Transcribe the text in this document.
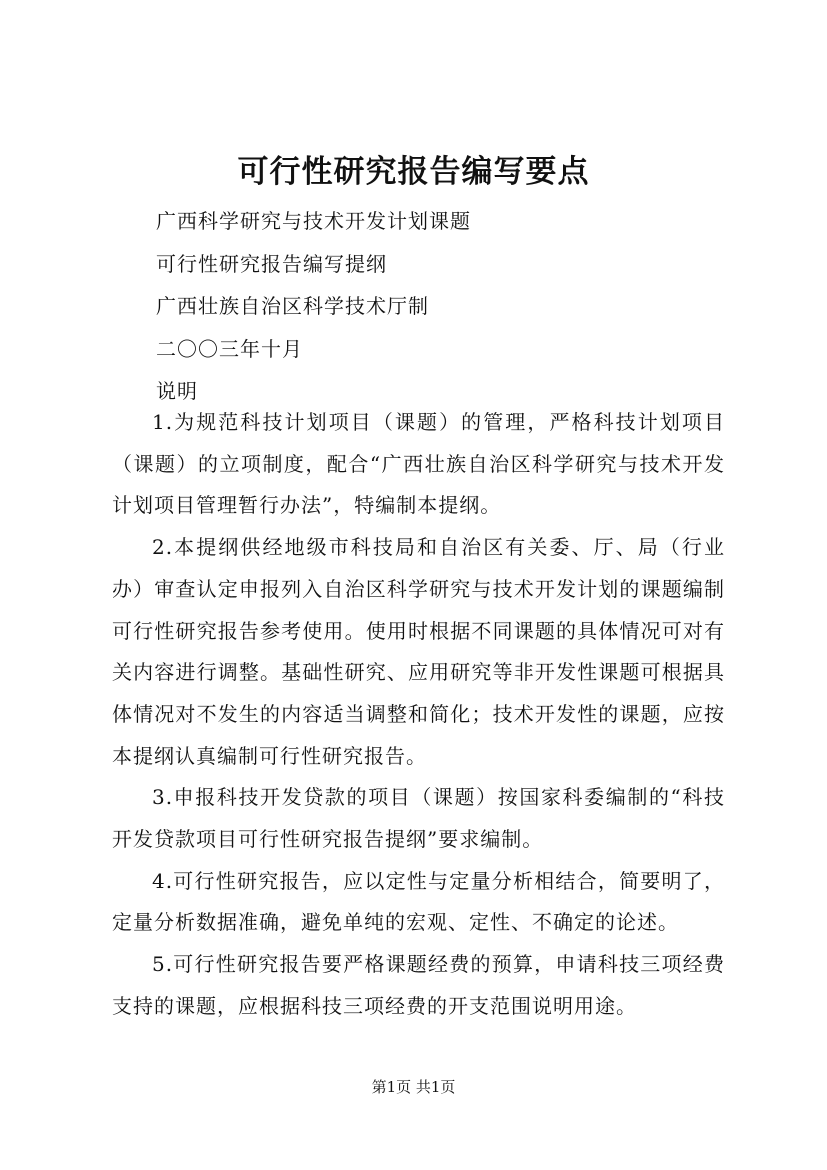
可行性研究报告编写要点
广西科学研究与技术开发计划课题
可行性研究报告编写提纲
广西壮族自治区科学技术厅制
二〇〇三年十月
说明

1.为规范科技计划项目（课题）的管理，严格科技计划项目（课题）的立项制度，配合“广西壮族自治区科学研究与技术开发计划项目管理暂行办法”，特编制本提纲。

2.本提纲供经地级市科技局和自治区有关委、厅、局（行业办）审查认定申报列入自治区科学研究与技术开发计划的课题编制可行性研究报告参考使用。使用时根据不同课题的具体情况可对有关内容进行调整。基础性研究、应用研究等非开发性课题可根据具体情况对不发生的内容适当调整和简化；技术开发性的课题，应按本提纲认真编制可行性研究报告。

3.申报科技开发贷款的项目（课题）按国家科委编制的“科技开发贷款项目可行性研究报告提纲”要求编制。

4.可行性研究报告，应以定性与定量分析相结合，简要明了，定量分析数据准确，避免单纯的宏观、定性、不确定的论述。

5.可行性研究报告要严格课题经费的预算，申请科技三项经费支持的课题，应根据科技三项经费的开支范围说明用途。

第1页 共1页
